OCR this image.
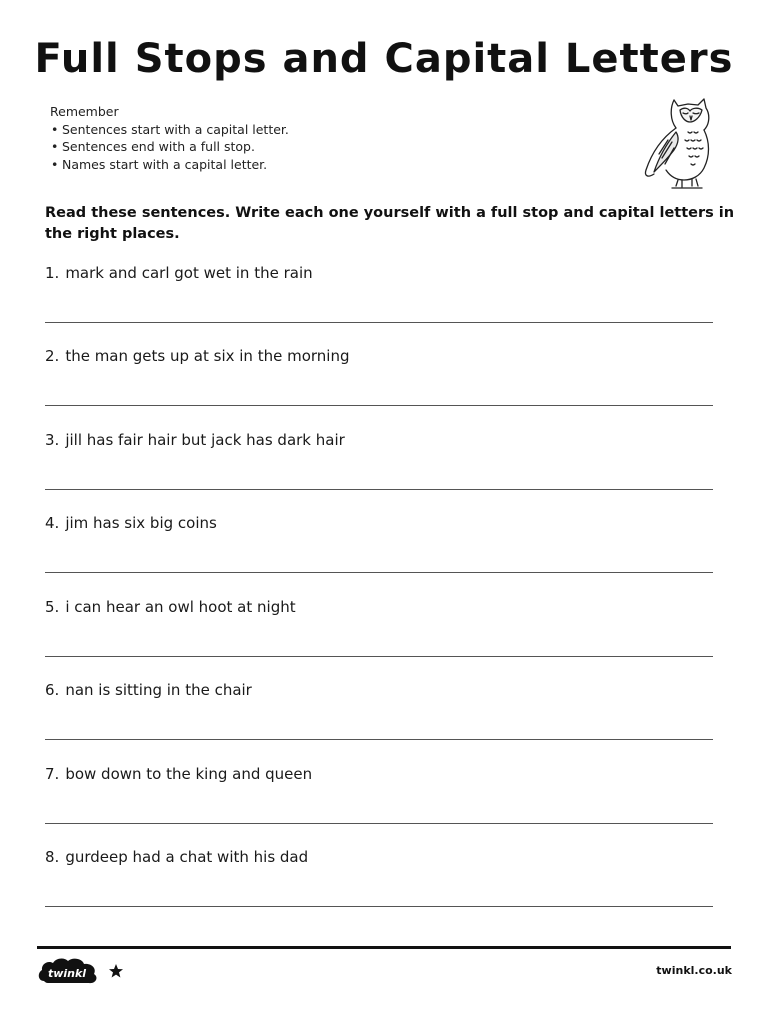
Full Stops and Capital Letters
Remember
• Sentences start with a capital letter.
• Sentences end with a full stop.
• Names start with a capital letter.
Read these sentences. Write each one yourself with a full stop and capital letters in the right places.
1. mark and carl got wet in the rain
2. the man gets up at six in the morning
3. jill has fair hair but jack has dark hair
4. jim has six big coins
5. i can hear an owl hoot at night
6. nan is sitting in the chair
7. bow down to the king and queen
8. gurdeep had a chat with his dad
twinkl	twinkl.co.uk
